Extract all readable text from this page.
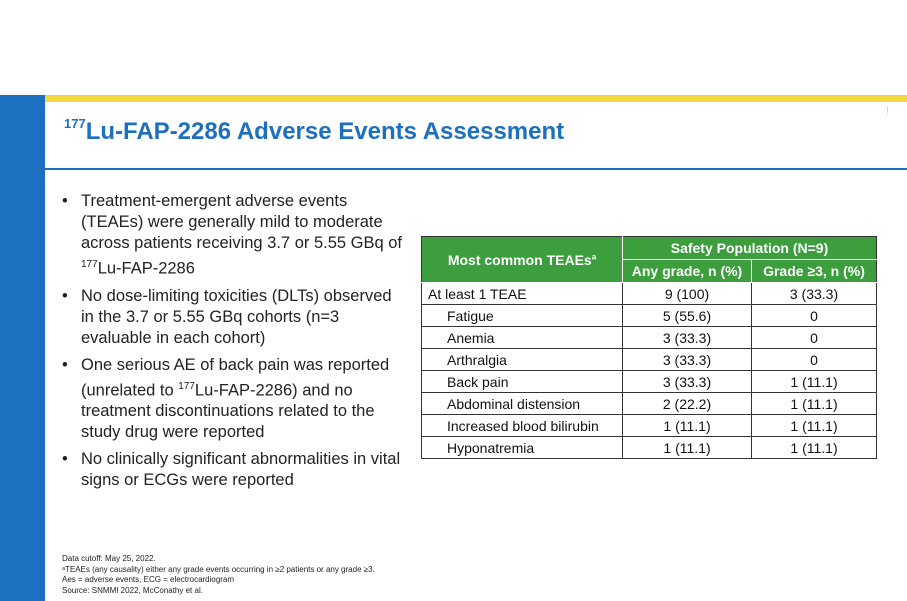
!
$^{177}$Lu-FAP-2286 Adverse Events Assessment
• Treatment-emergent adverse events (TEAEs) were generally mild to moderate across patients receiving 3.7 or 5.55 GBq of $^{177}$Lu-FAP-2286
• No dose-limiting toxicities (DLTs) observed in the 3.7 or 5.55 GBq cohorts (n=3 evaluable in each cohort)
• One serious AE of back pain was reported (unrelated to $^{177}$Lu-FAP-2286) and no treatment discontinuations related to the study drug were reported
• No clinically significant abnormalities in vital signs or ECGs were reported
Most common TEAEs$^a$	Safety Population (N=9)	
	Any grade, n (%)	Grade ≥3, n (%)
At least 1 TEAE	9 (100)	3 (33.3)
Fatigue	5 (55.6)	0
Anemia	3 (33.3)	0
Arthralgia	3 (33.3)	0
Back pain	3 (33.3)	1 (11.1)
Abdominal distension	2 (22.2)	1 (11.1)
Increased blood bilirubin	1 (11.1)	1 (11.1)
Hyponatremia	1 (11.1)	1 (11.1)
Data cutoff: May 25, 2022.
ᵃTEAEs (any causality) either any grade events occurring in ≥2 patients or any grade ≥3.
Aes = adverse events, ECG = electrocardiogram
Source: SNMMI 2022, McConathy et al.
